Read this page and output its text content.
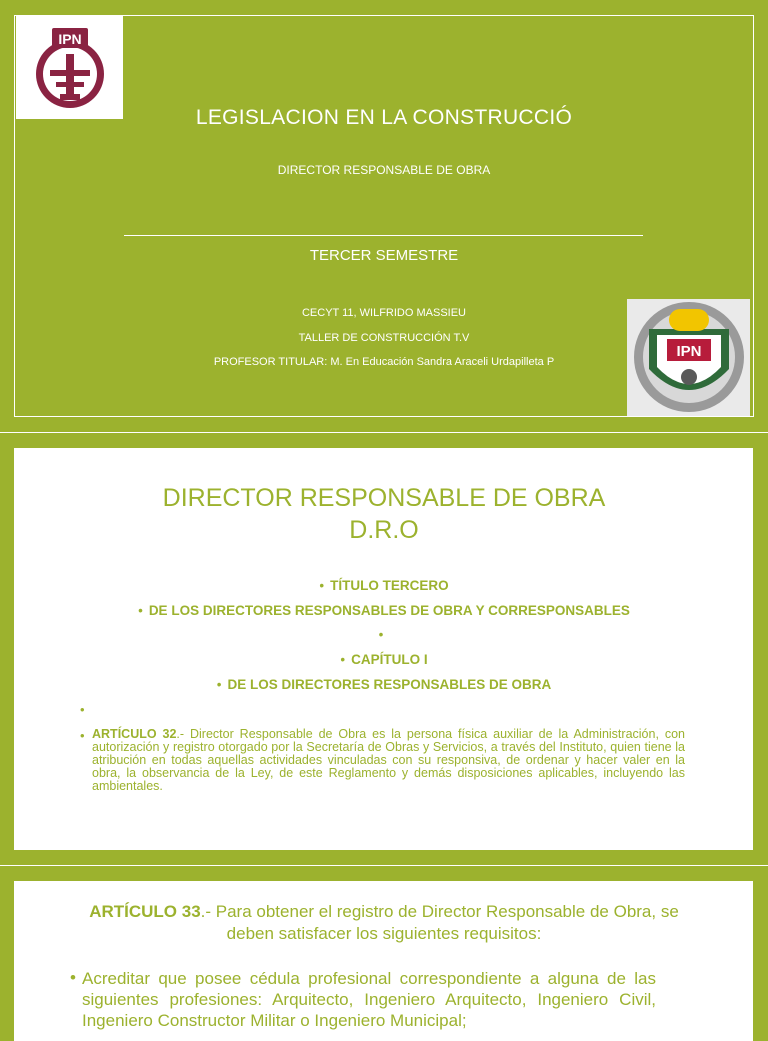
IPN
LEGISLACION EN LA CONSTRUCCIÓ
DIRECTOR RESPONSABLE DE OBRA
TERCER SEMESTRE
CECYT 11, WILFRIDO MASSIEU
TALLER DE CONSTRUCCIÓN T.V
PROFESOR TITULAR: M. En Educación Sandra Araceli Urdapilleta P
IPN
DIRECTOR RESPONSABLE DE OBRA
D.R.O
• TÍTULO TERCERO
• DE LOS DIRECTORES RESPONSABLES DE OBRA Y CORRESPONSABLES
•
• CAPÍTULO I
• DE LOS DIRECTORES RESPONSABLES DE OBRA
•
• ARTÍCULO 32.- Director Responsable de Obra es la persona física auxiliar de la Administración, con autorización y registro otorgado por la Secretaría de Obras y Servicios, a través del Instituto, quien tiene la atribución en todas aquellas actividades vinculadas con su responsiva, de ordenar y hacer valer en la obra, la observancia de la Ley, de este Reglamento y demás disposiciones aplicables, incluyendo las ambientales.
ARTÍCULO 33.- Para obtener el registro de Director Responsable de Obra, se deben satisfacer los siguientes requisitos:
• Acreditar que posee cédula profesional correspondiente a alguna de las siguientes profesiones: Arquitecto, Ingeniero Arquitecto, Ingeniero Civil, Ingeniero Constructor Militar o Ingeniero Municipal;
